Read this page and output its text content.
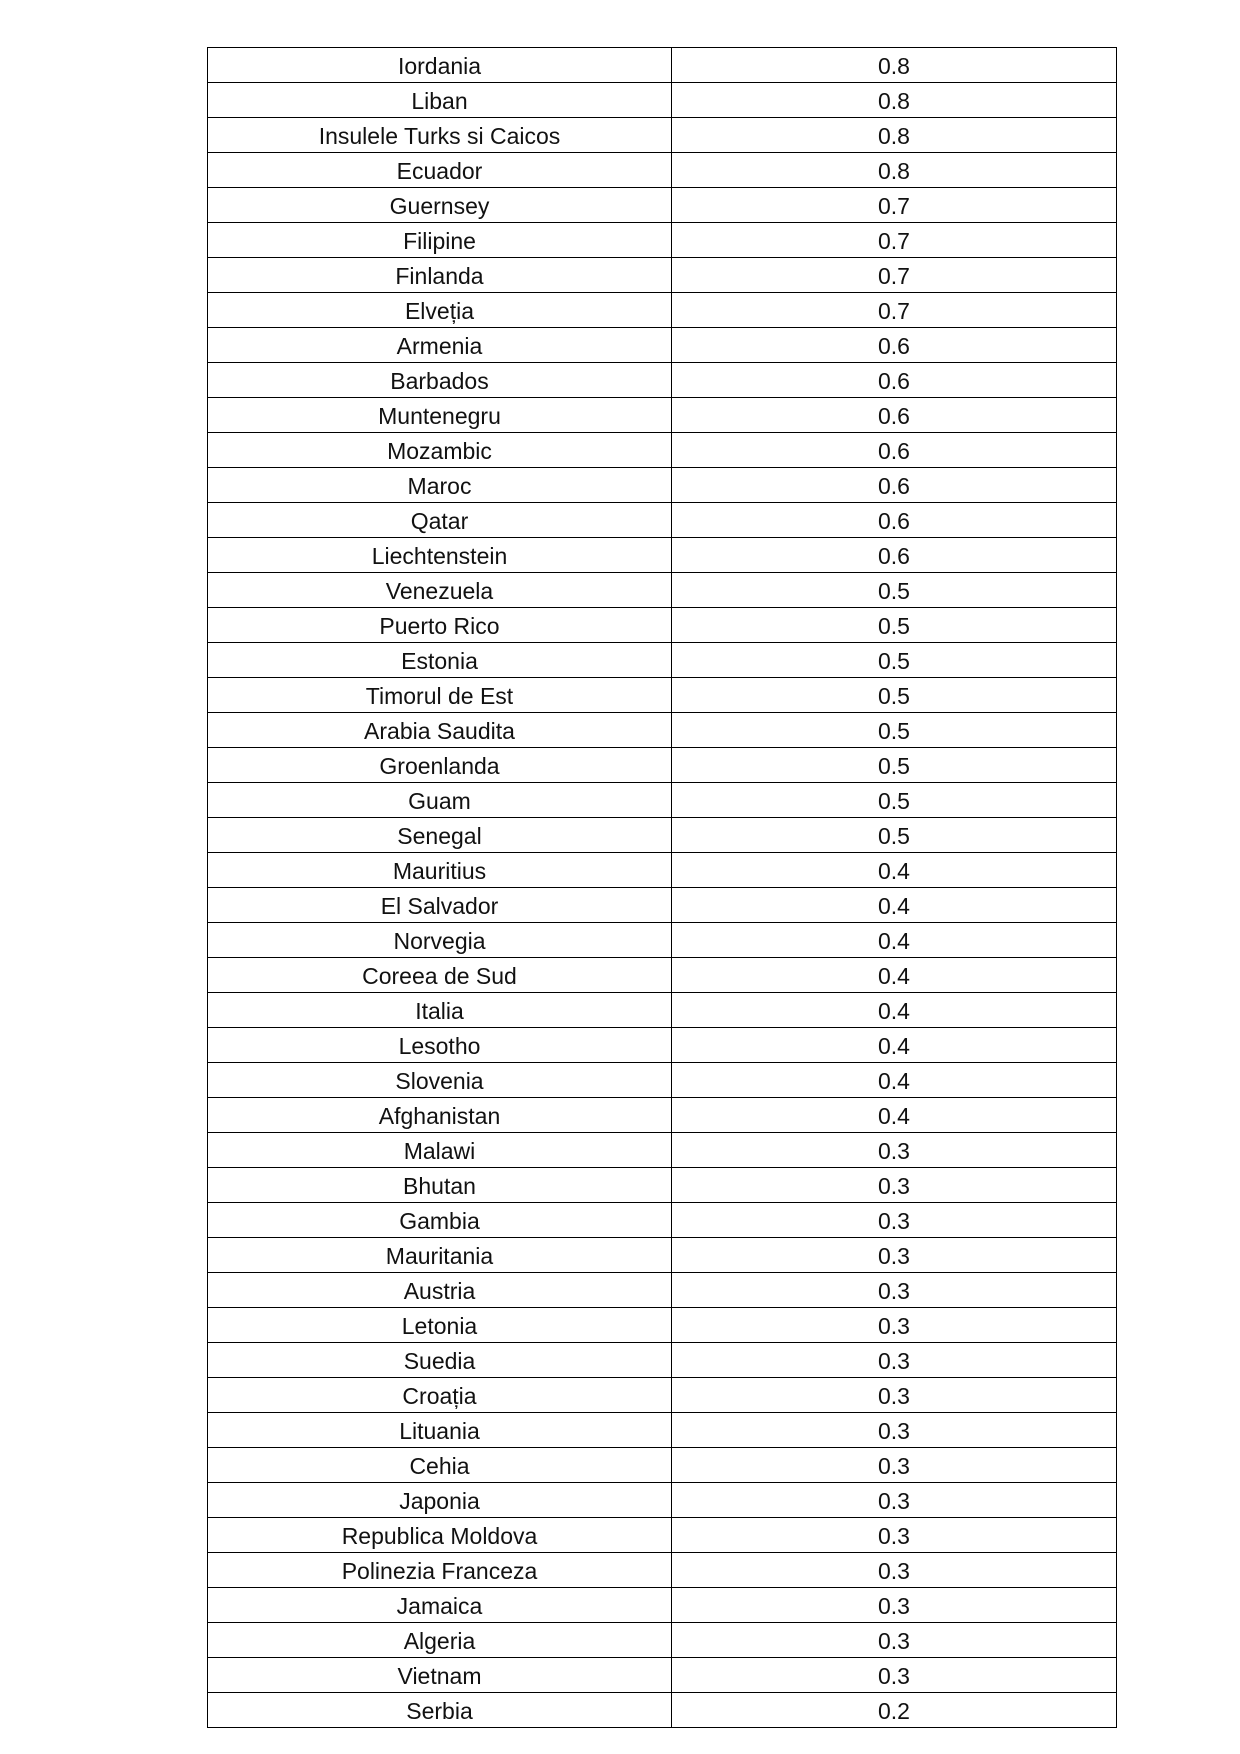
Iordania	0.8
Liban	0.8
Insulele Turks si Caicos	0.8
Ecuador	0.8
Guernsey	0.7
Filipine	0.7
Finlanda	0.7
Elveția	0.7
Armenia	0.6
Barbados	0.6
Muntenegru	0.6
Mozambic	0.6
Maroc	0.6
Qatar	0.6
Liechtenstein	0.6
Venezuela	0.5
Puerto Rico	0.5
Estonia	0.5
Timorul de Est	0.5
Arabia Saudita	0.5
Groenlanda	0.5
Guam	0.5
Senegal	0.5
Mauritius	0.4
El Salvador	0.4
Norvegia	0.4
Coreea de Sud	0.4
Italia	0.4
Lesotho	0.4
Slovenia	0.4
Afghanistan	0.4
Malawi	0.3
Bhutan	0.3
Gambia	0.3
Mauritania	0.3
Austria	0.3
Letonia	0.3
Suedia	0.3
Croația	0.3
Lituania	0.3
Cehia	0.3
Japonia	0.3
Republica Moldova	0.3
Polinezia Franceza	0.3
Jamaica	0.3
Algeria	0.3
Vietnam	0.3
Serbia	0.2
